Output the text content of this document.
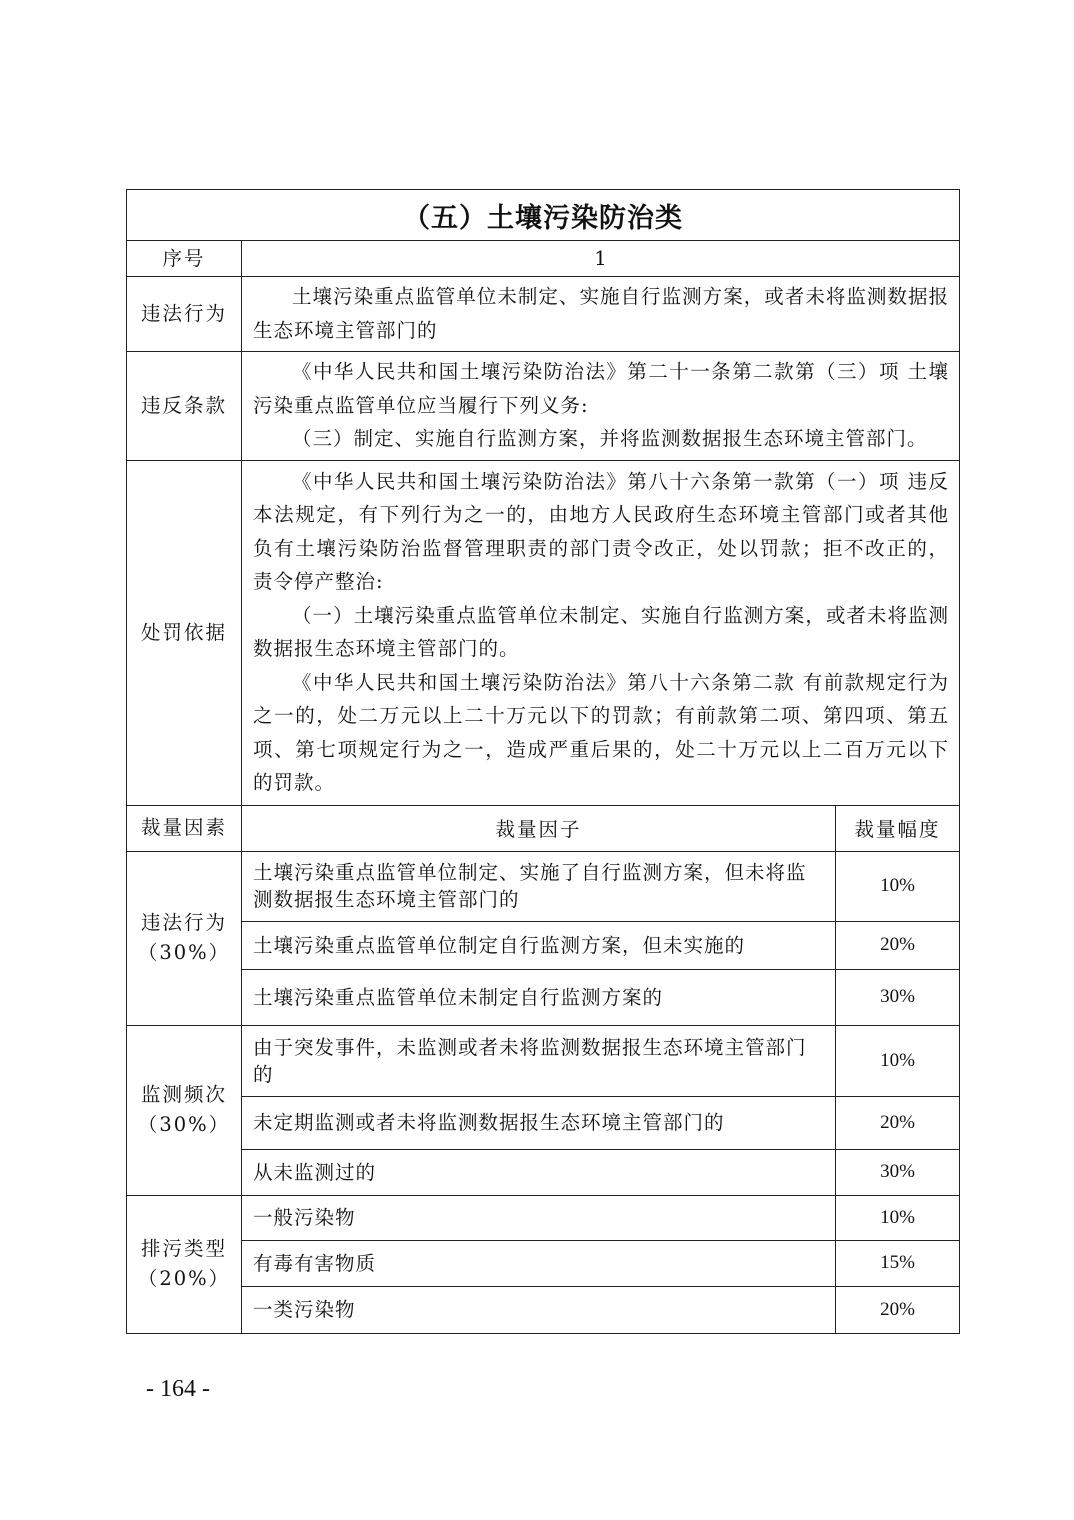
（五）土壤污染防治类		
序号	1	
违法行为	土壤污染重点监管单位未制定、实施自行监测方案，或者未将监测数据报生态环境主管部门的	

违反条款	《中华人民共和国土壤污染防治法》第二十一条第二款第（三）项 土壤污染重点监管单位应当履行下列义务:

（三）制定、实施自行监测方案，并将监测数据报生态环境主管部门。	

处罚依据	《中华人民共和国土壤污染防治法》第八十六条第一款第（一）项 违反本法规定，有下列行为之一的，由地方人民政府生态环境主管部门或者其他负有土壤污染防治监督管理职责的部门责令改正，处以罚款；拒不改正的，责令停产整治:

（一）土壤污染重点监管单位未制定、实施自行监测方案，或者未将监测数据报生态环境主管部门的。

《中华人民共和国土壤污染防治法》第八十六条第二款 有前款规定行为之一的，处二万元以上二十万元以下的罚款；有前款第二项、第四项、第五项、第七项规定行为之一，造成严重后果的，处二十万元以上二百万元以下的罚款。	

裁量因素	裁量因子	裁量幅度

违法行为
（30%）	土壤污染重点监管单位制定、实施了自行监测方案，但未将监测数据报生态环境主管部门的	10%
	土壤污染重点监管单位制定自行监测方案，但未实施的	20%
	土壤污染重点监管单位未制定自行监测方案的	30%

监测频次
（30%）	由于突发事件，未监测或者未将监测数据报生态环境主管部门的	10%
	未定期监测或者未将监测数据报生态环境主管部门的	20%
	从未监测过的	30%

排污类型
（20%）	一般污染物	10%
	有毒有害物质	15%
	一类污染物	20%
- 164 -
